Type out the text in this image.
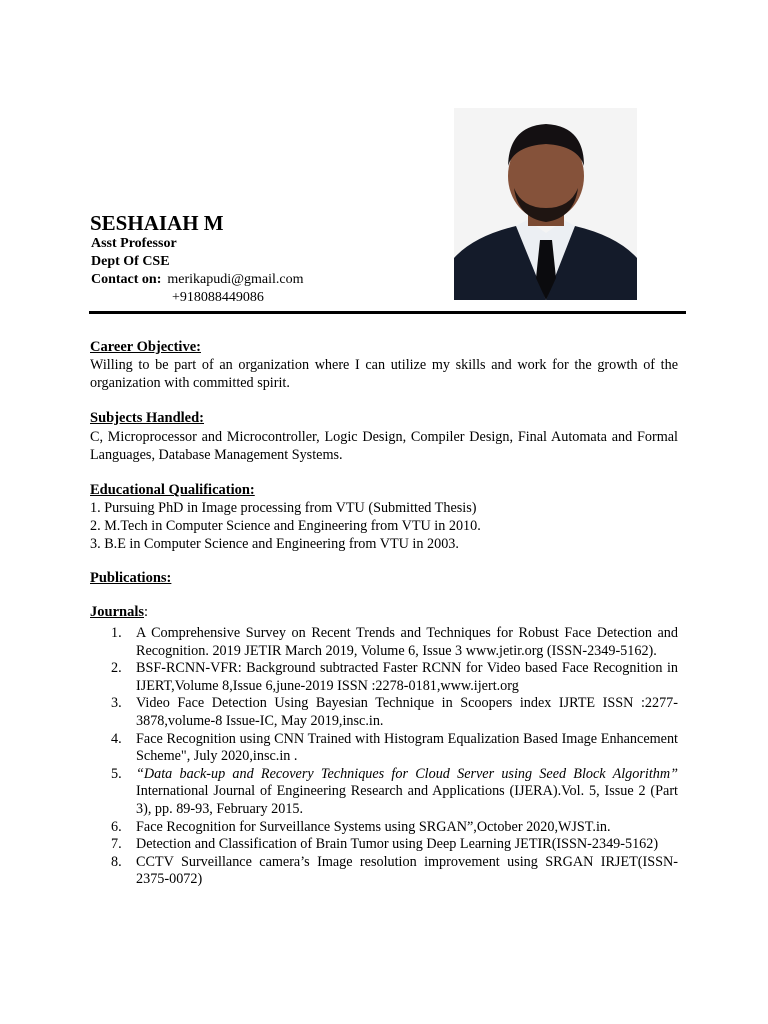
SESHAIAH M
Asst Professor
Dept Of CSE
Contact on: merikapudi@gmail.com
+918088449086
Career Objective:
Willing to be part of an organization where I can utilize my skills and work for the growth of the organization with committed spirit.
Subjects Handled:
C, Microprocessor and Microcontroller, Logic Design, Compiler Design, Final Automata and Formal Languages, Database Management Systems.
Educational Qualification:
1. Pursuing PhD in Image processing from VTU (Submitted Thesis)
2. M.Tech in Computer Science and Engineering from VTU in 2010.
3. B.E in Computer Science and Engineering from VTU in 2003.
Publications:
Journals:
1. A Comprehensive Survey on Recent Trends and Techniques for Robust Face Detection and Recognition. 2019 JETIR March 2019, Volume 6, Issue 3 www.jetir.org (ISSN-2349-5162).
2. BSF-RCNN-VFR: Background subtracted Faster RCNN for Video based Face Recognition in IJERT,Volume 8,Issue 6,june-2019 ISSN :2278-0181,www.ijert.org
3. Video Face Detection Using Bayesian Technique in Scoopers index IJRTE ISSN :2277-3878,volume-8 Issue-IC, May 2019,insc.in.
4. Face Recognition using CNN Trained with Histogram Equalization Based Image Enhancement Scheme", July 2020,insc.in .
5. “Data back-up and Recovery Techniques for Cloud Server using Seed Block Algorithm” International Journal of Engineering Research and Applications (IJERA).Vol. 5, Issue 2 (Part 3), pp. 89-93, February 2015.
6. Face Recognition for Surveillance Systems using SRGAN”,October 2020,WJST.in.
7. Detection and Classification of Brain Tumor using Deep Learning JETIR(ISSN-2349-5162)
8. CCTV Surveillance camera’s Image resolution improvement using SRGAN IRJET(ISSN-2375-0072)
